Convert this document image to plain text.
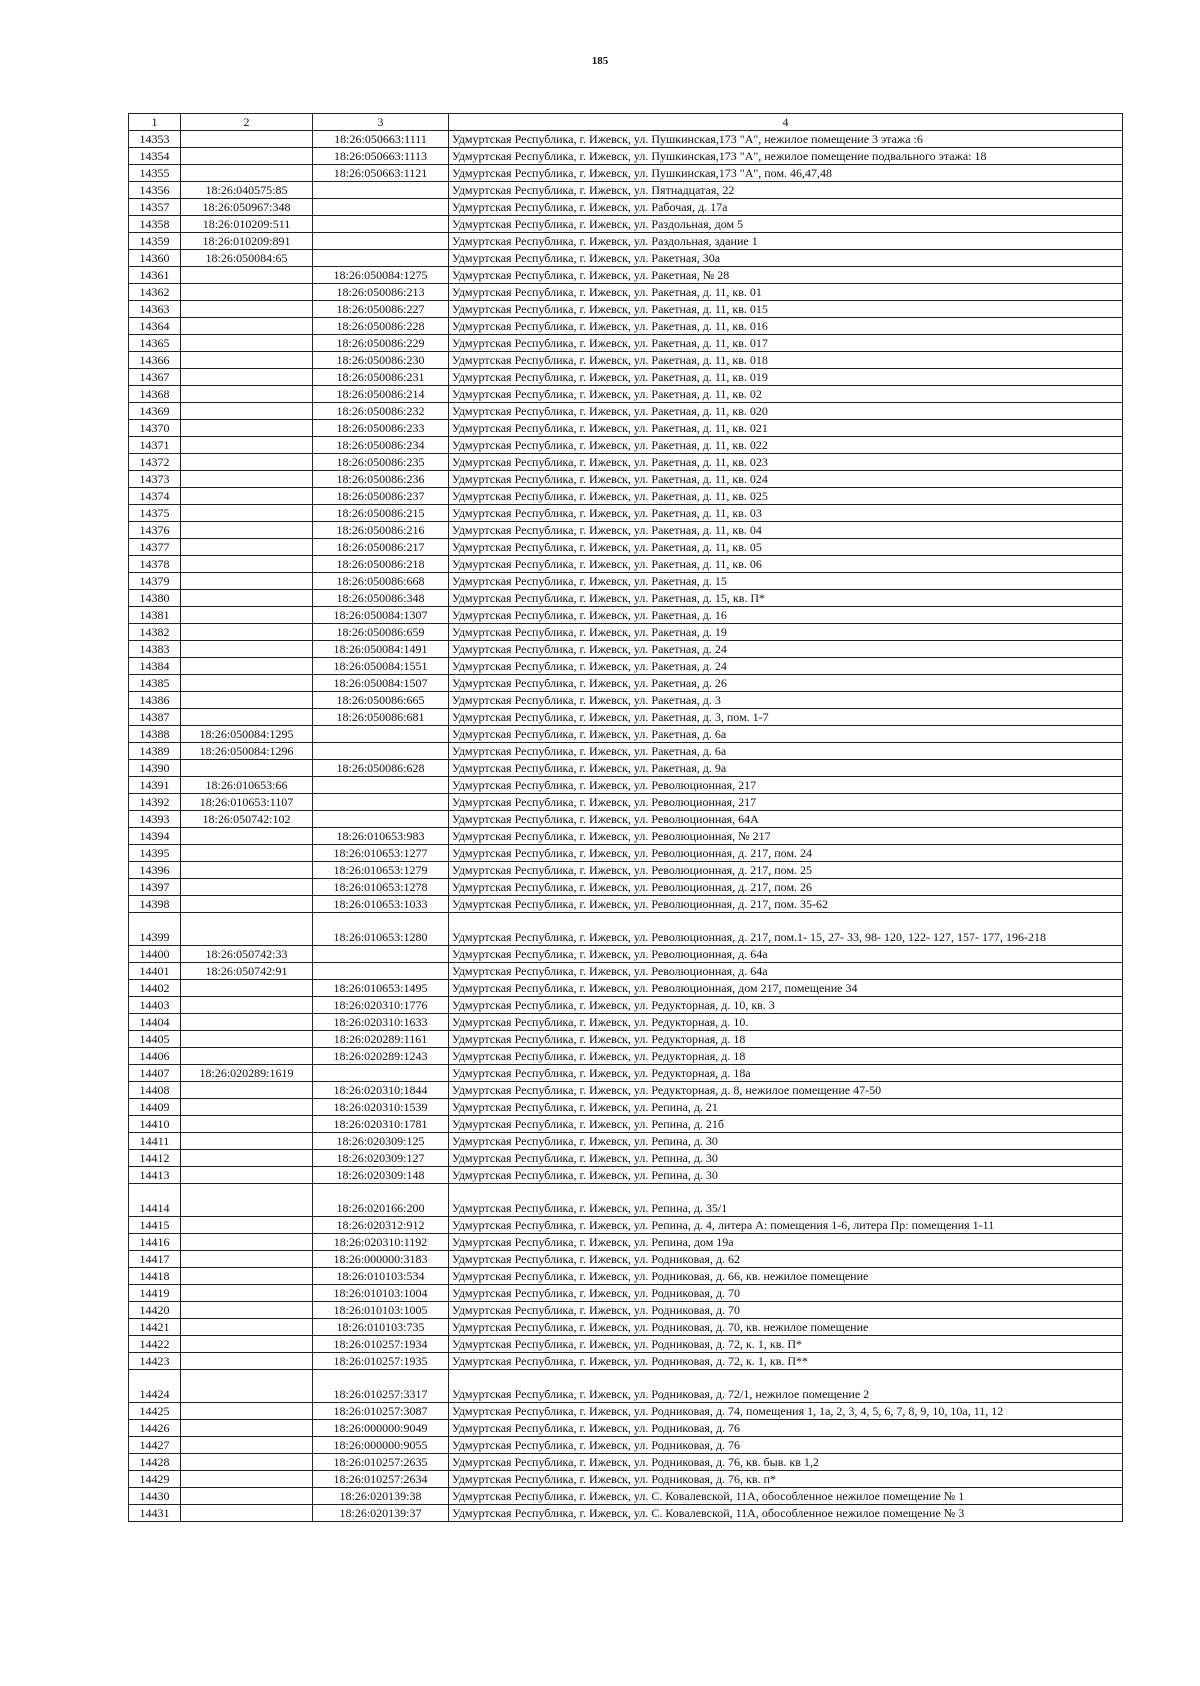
185
1	2	3	4
14353		18:26:050663:1111	Удмуртская Республика, г. Ижевск, ул. Пушкинская,173 "А", нежилое помещение 3 этажа :6
14354		18:26:050663:1113	Удмуртская Республика, г. Ижевск, ул. Пушкинская,173 "А", нежилое помещение подвального этажа: 18
14355		18:26:050663:1121	Удмуртская Республика, г. Ижевск, ул. Пушкинская,173 "А", пом. 46,47,48
14356	18:26:040575:85		Удмуртская Республика, г. Ижевск, ул. Пятнадцатая, 22
14357	18:26:050967:348		Удмуртская Республика, г. Ижевск, ул. Рабочая, д. 17а
14358	18:26:010209:511		Удмуртская Республика, г. Ижевск, ул. Раздольная, дом 5
14359	18:26:010209:891		Удмуртская Республика, г. Ижевск, ул. Раздольная, здание 1
14360	18:26:050084:65		Удмуртская Республика, г. Ижевск, ул. Ракетная, 30а
14361		18:26:050084:1275	Удмуртская Республика, г. Ижевск, ул. Ракетная, № 28
14362		18:26:050086:213	Удмуртская Республика, г. Ижевск, ул. Ракетная, д. 11, кв. 01
14363		18:26:050086:227	Удмуртская Республика, г. Ижевск, ул. Ракетная, д. 11, кв. 015
14364		18:26:050086:228	Удмуртская Республика, г. Ижевск, ул. Ракетная, д. 11, кв. 016
14365		18:26:050086:229	Удмуртская Республика, г. Ижевск, ул. Ракетная, д. 11, кв. 017
14366		18:26:050086:230	Удмуртская Республика, г. Ижевск, ул. Ракетная, д. 11, кв. 018
14367		18:26:050086:231	Удмуртская Республика, г. Ижевск, ул. Ракетная, д. 11, кв. 019
14368		18:26:050086:214	Удмуртская Республика, г. Ижевск, ул. Ракетная, д. 11, кв. 02
14369		18:26:050086:232	Удмуртская Республика, г. Ижевск, ул. Ракетная, д. 11, кв. 020
14370		18:26:050086:233	Удмуртская Республика, г. Ижевск, ул. Ракетная, д. 11, кв. 021
14371		18:26:050086:234	Удмуртская Республика, г. Ижевск, ул. Ракетная, д. 11, кв. 022
14372		18:26:050086:235	Удмуртская Республика, г. Ижевск, ул. Ракетная, д. 11, кв. 023
14373		18:26:050086:236	Удмуртская Республика, г. Ижевск, ул. Ракетная, д. 11, кв. 024
14374		18:26:050086:237	Удмуртская Республика, г. Ижевск, ул. Ракетная, д. 11, кв. 025
14375		18:26:050086:215	Удмуртская Республика, г. Ижевск, ул. Ракетная, д. 11, кв. 03
14376		18:26:050086:216	Удмуртская Республика, г. Ижевск, ул. Ракетная, д. 11, кв. 04
14377		18:26:050086:217	Удмуртская Республика, г. Ижевск, ул. Ракетная, д. 11, кв. 05
14378		18:26:050086:218	Удмуртская Республика, г. Ижевск, ул. Ракетная, д. 11, кв. 06
14379		18:26:050086:668	Удмуртская Республика, г. Ижевск, ул. Ракетная, д. 15
14380		18:26:050086:348	Удмуртская Республика, г. Ижевск, ул. Ракетная, д. 15, кв. П*
14381		18:26:050084:1307	Удмуртская Республика, г. Ижевск, ул. Ракетная, д. 16
14382		18:26:050086:659	Удмуртская Республика, г. Ижевск, ул. Ракетная, д. 19
14383		18:26:050084:1491	Удмуртская Республика, г. Ижевск, ул. Ракетная, д. 24
14384		18:26:050084:1551	Удмуртская Республика, г. Ижевск, ул. Ракетная, д. 24
14385		18:26:050084:1507	Удмуртская Республика, г. Ижевск, ул. Ракетная, д. 26
14386		18:26:050086:665	Удмуртская Республика, г. Ижевск, ул. Ракетная, д. 3
14387		18:26:050086:681	Удмуртская Республика, г. Ижевск, ул. Ракетная, д. 3, пом. 1-7
14388	18:26:050084:1295		Удмуртская Республика, г. Ижевск, ул. Ракетная, д. 6а
14389	18:26:050084:1296		Удмуртская Республика, г. Ижевск, ул. Ракетная, д. 6а
14390		18:26:050086:628	Удмуртская Республика, г. Ижевск, ул. Ракетная, д. 9а
14391	18:26:010653:66		Удмуртская Республика, г. Ижевск, ул. Революционная, 217
14392	18:26:010653:1107		Удмуртская Республика, г. Ижевск, ул. Революционная, 217
14393	18:26:050742:102		Удмуртская Республика, г. Ижевск, ул. Революционная, 64А
14394		18:26:010653:983	Удмуртская Республика, г. Ижевск, ул. Революционная, № 217
14395		18:26:010653:1277	Удмуртская Республика, г. Ижевск, ул. Революционная, д. 217, пом. 24
14396		18:26:010653:1279	Удмуртская Республика, г. Ижевск, ул. Революционная, д. 217, пом. 25
14397		18:26:010653:1278	Удмуртская Республика, г. Ижевск, ул. Революционная, д. 217, пом. 26
14398		18:26:010653:1033	Удмуртская Республика, г. Ижевск, ул. Революционная, д. 217, пом. 35-62
14399		18:26:010653:1280	Удмуртская Республика, г. Ижевск, ул. Революционная, д. 217, пом.1- 15, 27- 33, 98- 120, 122- 127, 157- 177, 196-218
14400	18:26:050742:33		Удмуртская Республика, г. Ижевск, ул. Революционная, д. 64а
14401	18:26:050742:91		Удмуртская Республика, г. Ижевск, ул. Революционная, д. 64а
14402		18:26:010653:1495	Удмуртская Республика, г. Ижевск, ул. Революционная, дом 217, помещение 34
14403		18:26:020310:1776	Удмуртская Республика, г. Ижевск, ул. Редукторная, д. 10, кв. 3
14404		18:26:020310:1633	Удмуртская Республика, г. Ижевск, ул. Редукторная, д. 10.
14405		18:26:020289:1161	Удмуртская Республика, г. Ижевск, ул. Редукторная, д. 18
14406		18:26:020289:1243	Удмуртская Республика, г. Ижевск, ул. Редукторная, д. 18
14407	18:26:020289:1619		Удмуртская Республика, г. Ижевск, ул. Редукторная, д. 18а
14408		18:26:020310:1844	Удмуртская Республика, г. Ижевск, ул. Редукторная, д. 8, нежилое помещение 47-50
14409		18:26:020310:1539	Удмуртская Республика, г. Ижевск, ул. Репина, д. 21
14410		18:26:020310:1781	Удмуртская Республика, г. Ижевск, ул. Репина, д. 21б
14411		18:26:020309:125	Удмуртская Республика, г. Ижевск, ул. Репина, д. 30
14412		18:26:020309:127	Удмуртская Республика, г. Ижевск, ул. Репина, д. 30
14413		18:26:020309:148	Удмуртская Республика, г. Ижевск, ул. Репина, д. 30
14414		18:26:020166:200	Удмуртская Республика, г. Ижевск, ул. Репина, д. 35/1
14415		18:26:020312:912	Удмуртская Республика, г. Ижевск, ул. Репина, д. 4, литера А: помещения 1-6, литера Пр: помещения 1-11
14416		18:26:020310:1192	Удмуртская Республика, г. Ижевск, ул. Репина, дом 19а
14417		18:26:000000:3183	Удмуртская Республика, г. Ижевск, ул. Родниковая, д. 62
14418		18:26:010103:534	Удмуртская Республика, г. Ижевск, ул. Родниковая, д. 66, кв. нежилое помещение
14419		18:26:010103:1004	Удмуртская Республика, г. Ижевск, ул. Родниковая, д. 70
14420		18:26:010103:1005	Удмуртская Республика, г. Ижевск, ул. Родниковая, д. 70
14421		18:26:010103:735	Удмуртская Республика, г. Ижевск, ул. Родниковая, д. 70, кв. нежилое помещение
14422		18:26:010257:1934	Удмуртская Республика, г. Ижевск, ул. Родниковая, д. 72, к. 1, кв. П*
14423		18:26:010257:1935	Удмуртская Республика, г. Ижевск, ул. Родниковая, д. 72, к. 1, кв. П**
14424		18:26:010257:3317	Удмуртская Республика, г. Ижевск, ул. Родниковая, д. 72/1, нежилое помещение 2
14425		18:26:010257:3087	Удмуртская Республика, г. Ижевск, ул. Родниковая, д. 74, помещения 1, 1а, 2, 3, 4, 5, 6, 7, 8, 9, 10, 10а, 11, 12
14426		18:26:000000:9049	Удмуртская Республика, г. Ижевск, ул. Родниковая, д. 76
14427		18:26:000000:9055	Удмуртская Республика, г. Ижевск, ул. Родниковая, д. 76
14428		18:26:010257:2635	Удмуртская Республика, г. Ижевск, ул. Родниковая, д. 76, кв. быв. кв 1,2
14429		18:26:010257:2634	Удмуртская Республика, г. Ижевск, ул. Родниковая, д. 76, кв. п*
14430		18:26:020139:38	Удмуртская Республика, г. Ижевск, ул. С. Ковалевской, 11А, обособленное нежилое помещение № 1
14431		18:26:020139:37	Удмуртская Республика, г. Ижевск, ул. С. Ковалевской, 11А, обособленное нежилое помещение № 3
